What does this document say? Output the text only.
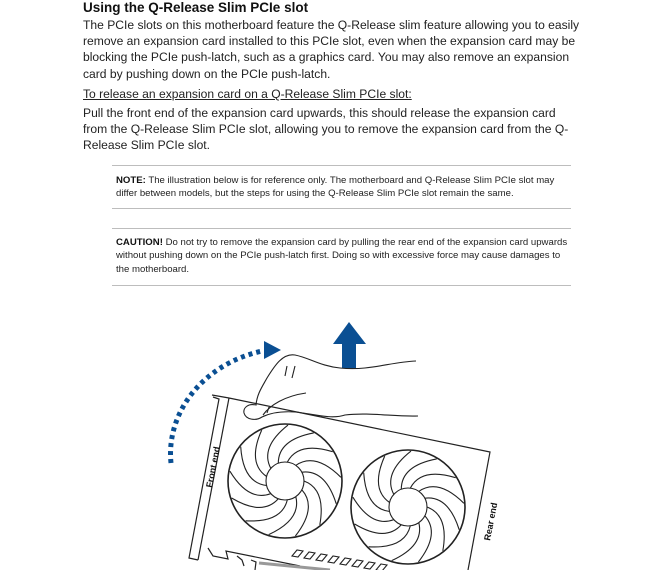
Using the Q-Release Slim PCIe slot

The PCIe slots on this motherboard feature the Q-Release slim feature allowing you to easily remove an expansion card installed to this PCIe slot, even when the expansion card may be blocking the PCIe push-latch, such as a graphics card. You may also remove an expansion card by pushing down on the PCIe push-latch.

To release an expansion card on a Q-Release Slim PCIe slot:

Pull the front end of the expansion card upwards, this should release the expansion card from the Q-Release Slim PCIe slot, allowing you to remove the expansion card from the Q-Release Slim PCIe slot.

NOTE: The illustration below is for reference only. The motherboard and Q-Release Slim PCIe slot may differ between models, but the steps for using the Q-Release Slim PCIe slot remain the same.

CAUTION! Do not try to remove the expansion card by pulling the rear end of the expansion card upwards without pushing down on the PCIe push-latch first. Doing so with excessive force may cause damages to the motherboard.

Front end
Rear end
